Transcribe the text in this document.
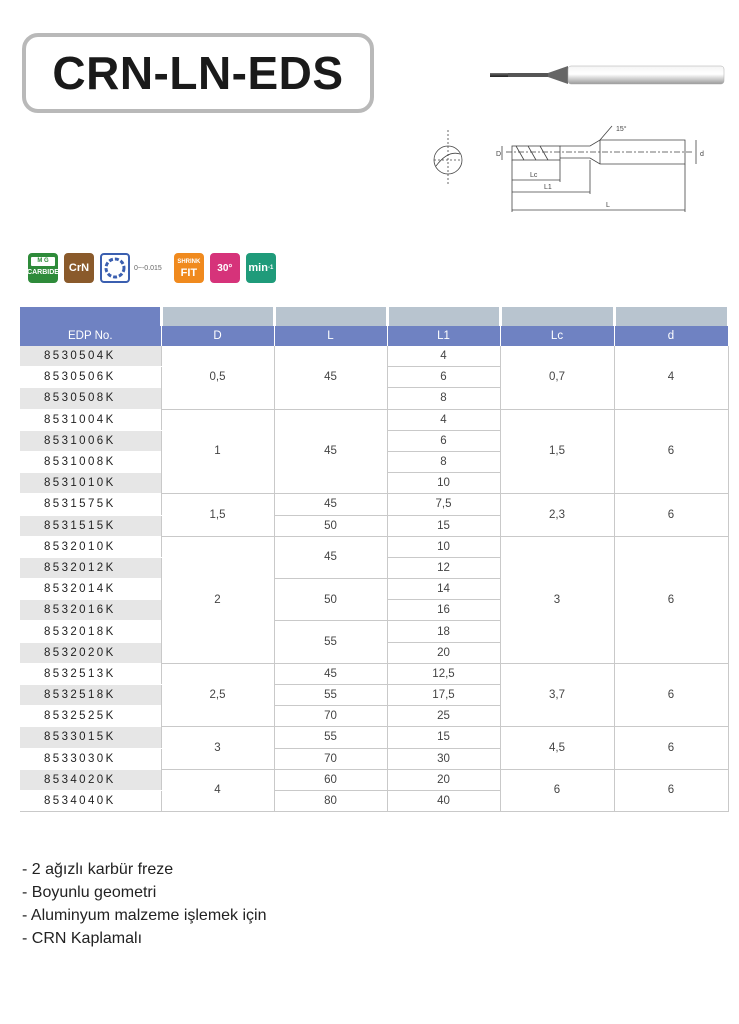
CRN-LN-EDS
15°
D	d
Lc
L1
L
M G
CARBIDE CrN	0~-0.015
SHRINK
FIT 30° min -1

EDP No.	D	L	L1	Lc	d
8530504K	0,5	45	4	0,7	4
8530506K			6		
8530508K			8		
8531004K	1	45	4	1,5	6
8531006K			6		
8531008K			8		
8531010K			10		
8531575K	1,5	45	7,5	2,3	6
8531515K		50	15		
8532010K	2	45	10	3	6
8532012K			12		
8532014K		50	14		
8532016K			16		
8532018K		55	18		
8532020K			20		
8532513K	2,5	45	12,5	3,7	6
8532518K		55	17,5		
8532525K		70	25		
8533015K	3	55	15	4,5	6
8533030K		70	30		
8534020K	4	60	20	6	6
8534040K		80	40		
- 2 ağızlı karbür freze
- Boyunlu geometri
- Aluminyum malzeme işlemek için
- CRN Kaplamalı
